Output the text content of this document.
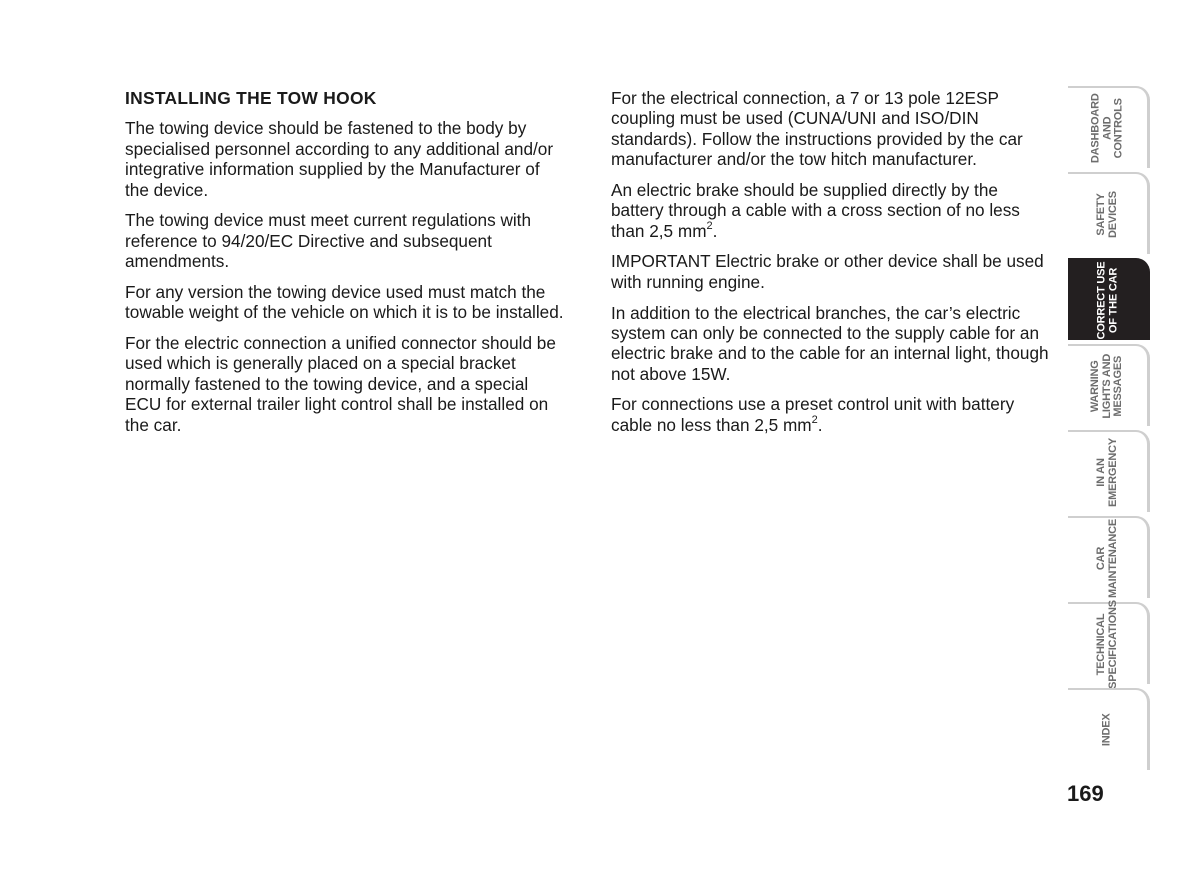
INSTALLING THE TOW HOOK

The towing device should be fastened to the body by specialised personnel according to any additional and/or integrative information supplied by the Manufacturer of the device.

The towing device must meet current regulations with reference to 94/20/EC Directive and subsequent amendments.

For any version the towing device used must match the towable weight of the vehicle on which it is to be installed.

For the electric connection a unified connector should be used which is generally placed on a special bracket normally fastened to the towing device, and a special ECU for external trailer light control shall be installed on the car.

For the electrical connection, a 7 or 13 pole 12ESP coupling must be used (CUNA/UNI and ISO/DIN standards). Follow the instructions provided by the car manufacturer and/or the tow hitch manufacturer.

An electric brake should be supplied directly by the battery through a cable with a cross section of no less than 2,5 $mm^2$.

IMPORTANT Electric brake or other device shall be used with running engine.

In addition to the electrical branches, the car’s electric system can only be connected to the supply cable for an electric brake and to the cable for an internal light, though not above 15W.

For connections use a preset control unit with battery cable no less than 2,5 $mm^2$.

DASHBOARD
AND
CONTROLS
SAFETY
DEVICES
CORRECT USE
OF THE CAR
WARNING
LIGHTS AND
MESSAGES
IN AN
EMERGENCY
CAR
MAINTENANCE
TECHNICAL
SPECIFICATIONS
INDEX
169
